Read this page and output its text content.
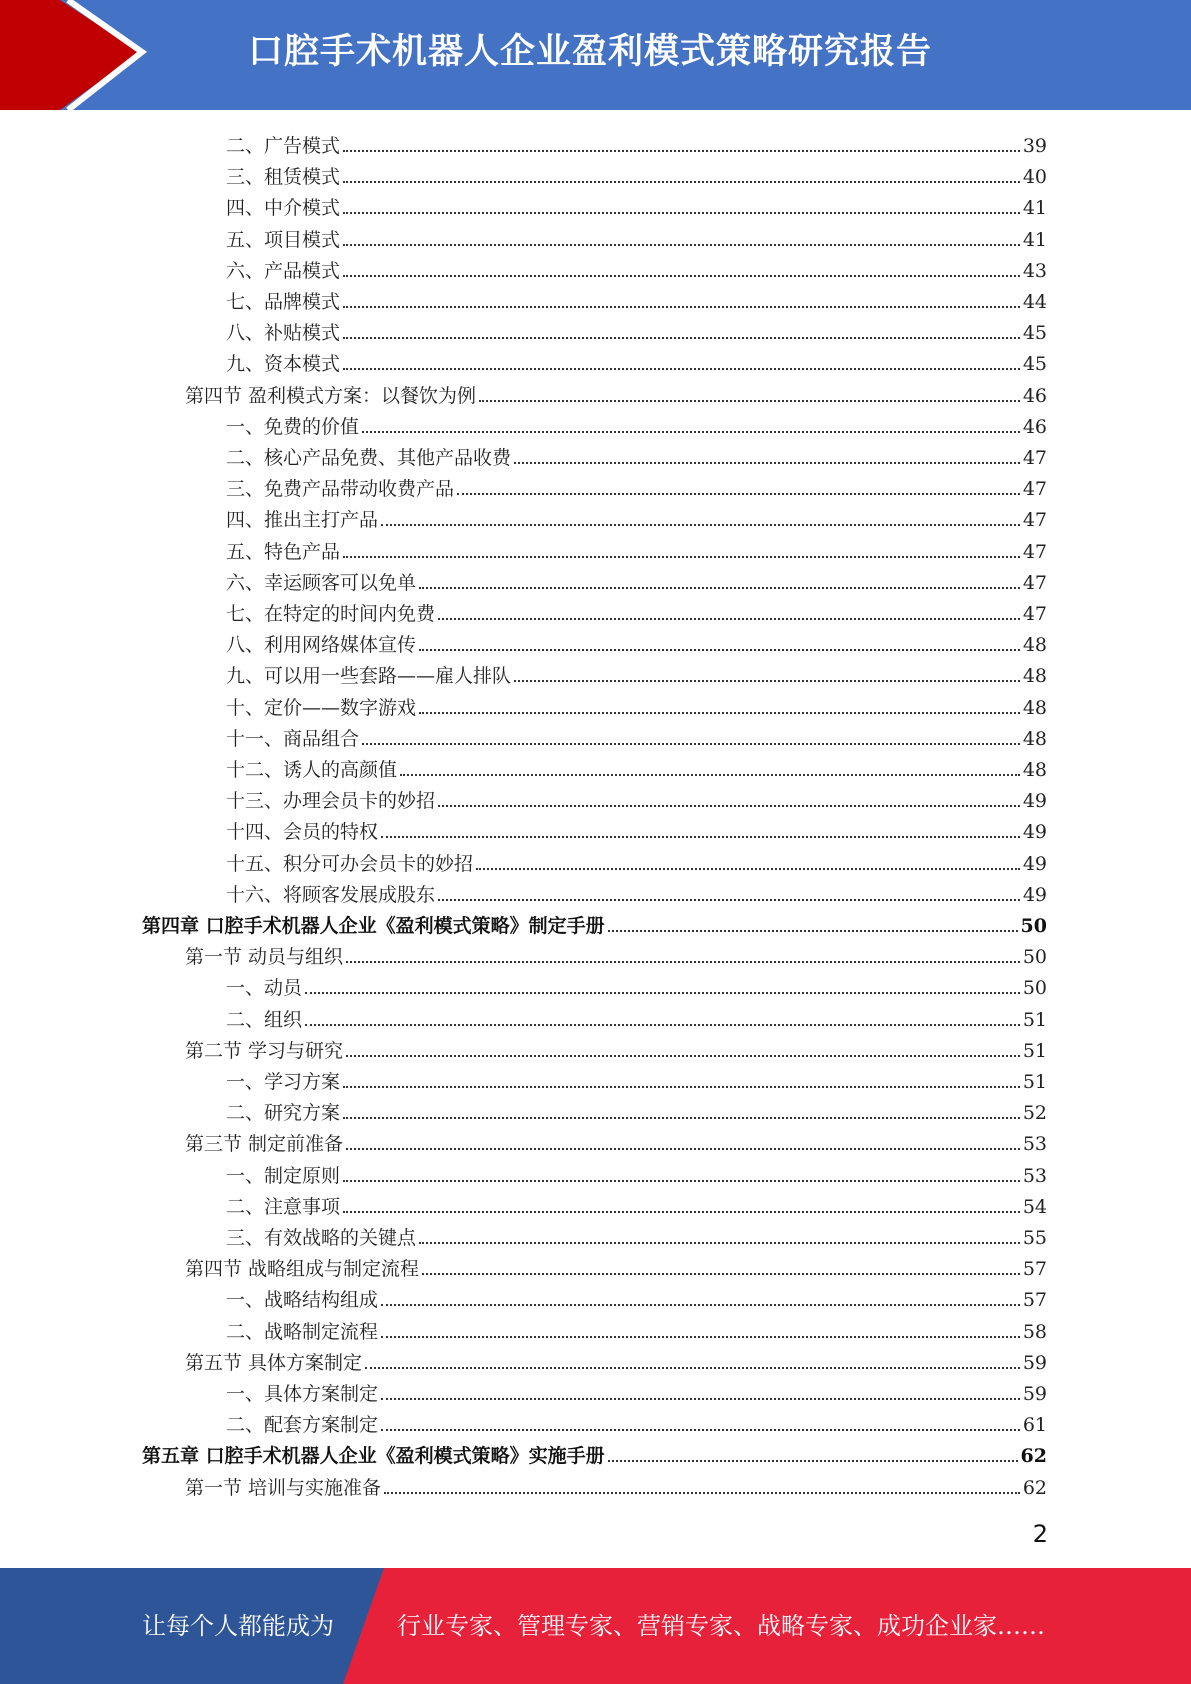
口腔手术机器人企业盈利模式策略研究报告
二、广告模式	39
三、租赁模式	40
四、中介模式	41
五、项目模式	41
六、产品模式	43
七、品牌模式	44
八、补贴模式	45
九、资本模式	45
第四节 盈利模式方案：以餐饮为例	46
一、免费的价值	46
二、核心产品免费、其他产品收费	47
三、免费产品带动收费产品	47
四、推出主打产品	47
五、特色产品	47
六、幸运顾客可以免单	47
七、在特定的时间内免费	47
八、利用网络媒体宣传	48
九、可以用一些套路——雇人排队	48
十、定价——数字游戏	48
十一、商品组合	48
十二、诱人的高颜值	48
十三、办理会员卡的妙招	49
十四、会员的特权	49
十五、积分可办会员卡的妙招	49
十六、将顾客发展成股东	49
第四章 口腔手术机器人企业《盈利模式策略》制定手册	50
第一节 动员与组织	50
一、动员	50
二、组织	51
第二节 学习与研究	51
一、学习方案	51
二、研究方案	52
第三节 制定前准备	53
一、制定原则	53
二、注意事项	54
三、有效战略的关键点	55
第四节 战略组成与制定流程	57
一、战略结构组成	57
二、战略制定流程	58
第五节 具体方案制定	59
一、具体方案制定	59
二、配套方案制定	61
第五章 口腔手术机器人企业《盈利模式策略》实施手册	62
第一节 培训与实施准备	62
2
让每个人都能成为	行业专家、管理专家、营销专家、战略专家、成功企业家……
